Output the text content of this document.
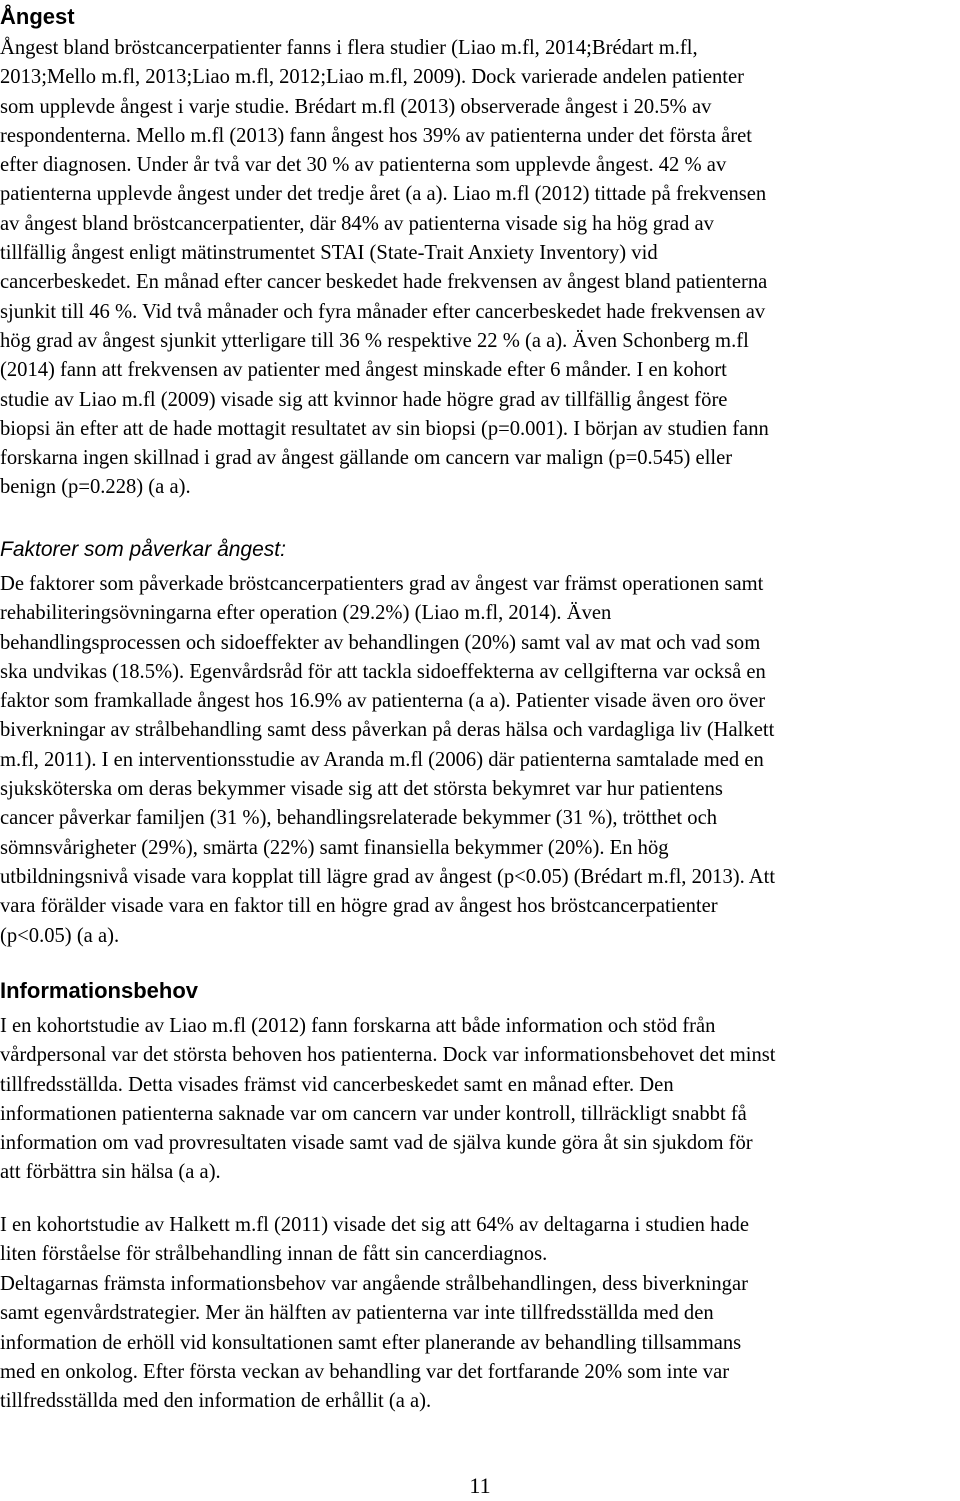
Ångest
Ångest bland bröstcancerpatienter fanns i flera studier (Liao m.fl, 2014;Brédart m.fl,
2013;Mello m.fl, 2013;Liao m.fl, 2012;Liao m.fl, 2009). Dock varierade andelen patienter
som upplevde ångest i varje studie. Brédart m.fl (2013) observerade ångest i 20.5% av
respondenterna. Mello m.fl (2013) fann ångest hos 39% av patienterna under det första året
efter diagnosen. Under år två var det 30 % av patienterna som upplevde ångest. 42 % av
patienterna upplevde ångest under det tredje året (a a). Liao m.fl (2012) tittade på frekvensen
av ångest bland bröstcancerpatienter, där 84% av patienterna visade sig ha hög grad av
tillfällig ångest enligt mätinstrumentet STAI (State-Trait Anxiety Inventory) vid
cancerbeskedet. En månad efter cancer beskedet hade frekvensen av ångest bland patienterna
sjunkit till 46 %. Vid två månader och fyra månader efter cancerbeskedet hade frekvensen av
hög grad av ångest sjunkit ytterligare till 36 % respektive 22 % (a a). Även Schonberg m.fl
(2014) fann att frekvensen av patienter med ångest minskade efter 6 månder. I en kohort
studie av Liao m.fl (2009) visade sig att kvinnor hade högre grad av tillfällig ångest före
biopsi än efter att de hade mottagit resultatet av sin biopsi (p=0.001). I början av studien fann
forskarna ingen skillnad i grad av ångest gällande om cancern var malign (p=0.545) eller
benign (p=0.228) (a a).
Faktorer som påverkar ångest:
De faktorer som påverkade bröstcancerpatienters grad av ångest var främst operationen samt
rehabiliteringsövningarna efter operation (29.2%) (Liao m.fl, 2014). Även
behandlingsprocessen och sidoeffekter av behandlingen (20%) samt val av mat och vad som
ska undvikas (18.5%). Egenvårdsråd för att tackla sidoeffekterna av cellgifterna var också en
faktor som framkallade ångest hos 16.9% av patienterna (a a). Patienter visade även oro över
biverkningar av strålbehandling samt dess påverkan på deras hälsa och vardagliga liv (Halkett
m.fl, 2011). I en interventionsstudie av Aranda m.fl (2006) där patienterna samtalade med en
sjuksköterska om deras bekymmer visade sig att det största bekymret var hur patientens
cancer påverkar familjen (31 %), behandlingsrelaterade bekymmer (31 %), trötthet och
sömnsvårigheter (29%), smärta (22%) samt finansiella bekymmer (20%). En hög
utbildningsnivå visade vara kopplat till lägre grad av ångest (p<0.05) (Brédart m.fl, 2013). Att
vara förälder visade vara en faktor till en högre grad av ångest hos bröstcancerpatienter
(p<0.05) (a a).
Informationsbehov
I en kohortstudie av Liao m.fl (2012) fann forskarna att både information och stöd från
vårdpersonal var det största behoven hos patienterna. Dock var informationsbehovet det minst
tillfredsställda. Detta visades främst vid cancerbeskedet samt en månad efter. Den
informationen patienterna saknade var om cancern var under kontroll, tillräckligt snabbt få
information om vad provresultaten visade samt vad de själva kunde göra åt sin sjukdom för
att förbättra sin hälsa (a a).
I en kohortstudie av Halkett m.fl (2011) visade det sig att 64% av deltagarna i studien hade
liten förståelse för strålbehandling innan de fått sin cancerdiagnos.
Deltagarnas främsta informationsbehov var angående strålbehandlingen, dess biverkningar
samt egenvårdstrategier. Mer än hälften av patienterna var inte tillfredsställda med den
information de erhöll vid konsultationen samt efter planerande av behandling tillsammans
med en onkolog. Efter första veckan av behandling var det fortfarande 20% som inte var
tillfredsställda med den information de erhållit (a a).
11
